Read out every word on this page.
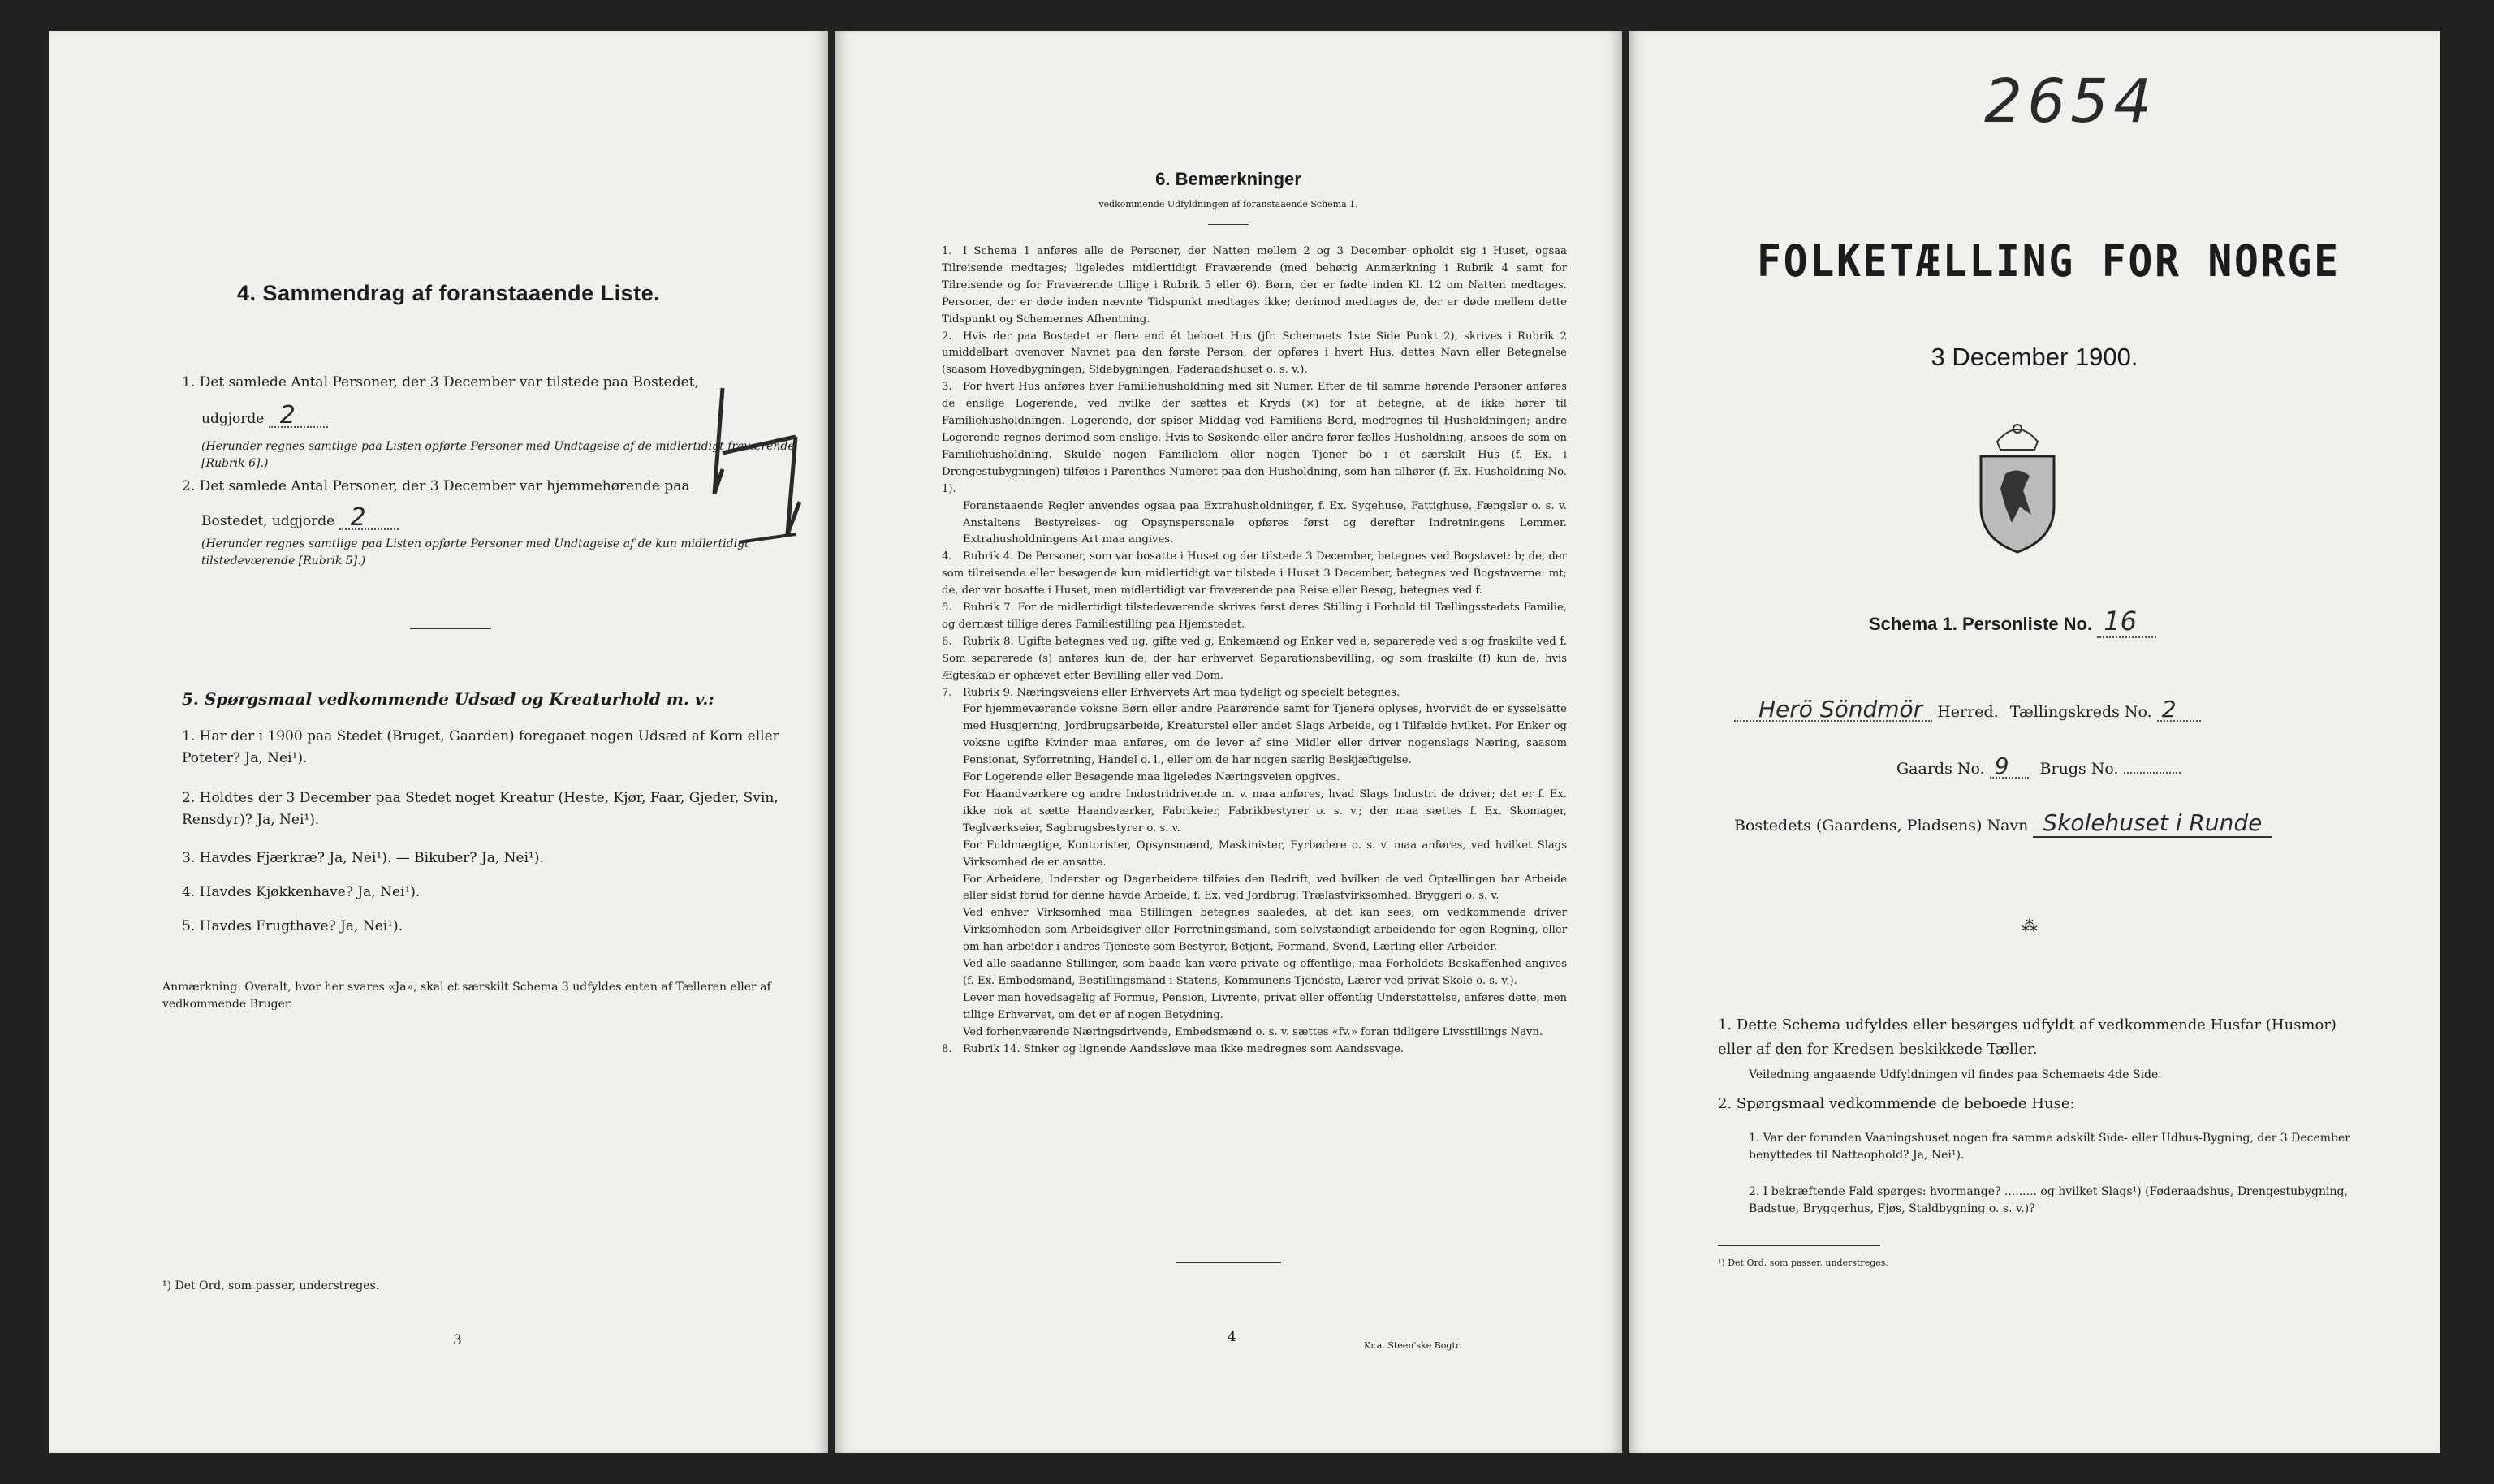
4. Sammendrag af foranstaaende Liste.
1. Det samlede Antal Personer, der 3 December var tilstede paa Bostedet,
udgjorde 2
(Herunder regnes samtlige paa Listen opførte Personer med Undtagelse af de midlertidigt fraværende [Rubrik 6].)
2. Det samlede Antal Personer, der 3 December var hjemmehørende paa
Bostedet, udgjorde 2
(Herunder regnes samtlige paa Listen opførte Personer med Undtagelse af de kun midlertidigt tilstedeværende [Rubrik 5].)
5. Spørgsmaal vedkommende Udsæd og Kreaturhold m. v.:
1. Har der i 1900 paa Stedet (Bruget, Gaarden) foregaaet nogen Udsæd af Korn eller Poteter? Ja, Nei¹).
2. Holdtes der 3 December paa Stedet noget Kreatur (Heste, Kjør, Faar, Gjeder, Svin, Rensdyr)? Ja, Nei¹).
3. Havdes Fjærkræ? Ja, Nei¹). — Bikuber? Ja, Nei¹).
4. Havdes Kjøkkenhave? Ja, Nei¹).
5. Havdes Frugthave? Ja, Nei¹).
Anmærkning: Overalt, hvor her svares «Ja», skal et særskilt Schema 3 udfyldes enten af Tælleren eller af vedkommende Bruger.
¹) Det Ord, som passer, understreges.
3
6. Bemærkninger
vedkommende Udfyldningen af foranstaaende Schema 1.

1. I Schema 1 anføres alle de Personer, der Natten mellem 2 og 3 December opholdt sig i Huset, ogsaa Tilreisende medtages; ligeledes midlertidigt Fraværende (med behørig Anmærkning i Rubrik 4 samt for Tilreisende og for Fraværende tillige i Rubrik 5 eller 6). Børn, der er fødte inden Kl. 12 om Natten medtages. Personer, der er døde inden nævnte Tidspunkt medtages ikke; derimod medtages de, der er døde mellem dette Tidspunkt og Schemernes Afhentning.

2. Hvis der paa Bostedet er flere end ét beboet Hus (jfr. Schemaets 1ste Side Punkt 2), skrives i Rubrik 2 umiddelbart ovenover Navnet paa den første Person, der opføres i hvert Hus, dettes Navn eller Betegnelse (saasom Hovedbygningen, Sidebygningen, Føderaadshuset o. s. v.).

3. For hvert Hus anføres hver Familiehusholdning med sit Numer. Efter de til samme hørende Personer anføres de enslige Logerende, ved hvilke der sættes et Kryds (×) for at betegne, at de ikke hører til Familiehusholdningen. Logerende, der spiser Middag ved Familiens Bord, medregnes til Husholdningen; andre Logerende regnes derimod som enslige. Hvis to Søskende eller andre fører fælles Husholdning, ansees de som en Familiehusholdning. Skulde nogen Familielem eller nogen Tjener bo i et særskilt Hus (f. Ex. i Drengestubygningen) tilføies i Parenthes Numeret paa den Husholdning, som han tilhører (f. Ex. Husholdning No. 1).

Foranstaaende Regler anvendes ogsaa paa Extrahusholdninger, f. Ex. Sygehuse, Fattighuse, Fængsler o. s. v. Anstaltens Bestyrelses- og Opsynspersonale opføres først og derefter Indretningens Lemmer. Extrahusholdningens Art maa angives.

4. Rubrik 4. De Personer, som var bosatte i Huset og der tilstede 3 December, betegnes ved Bogstavet: b; de, der som tilreisende eller besøgende kun midlertidigt var tilstede i Huset 3 December, betegnes ved Bogstaverne: mt; de, der var bosatte i Huset, men midlertidigt var fraværende paa Reise eller Besøg, betegnes ved f.

5. Rubrik 7. For de midlertidigt tilstedeværende skrives først deres Stilling i Forhold til Tællingsstedets Familie, og dernæst tillige deres Familiestilling paa Hjemstedet.

6. Rubrik 8. Ugifte betegnes ved ug, gifte ved g, Enkemænd og Enker ved e, separerede ved s og fraskilte ved f. Som separerede (s) anføres kun de, der har erhvervet Separationsbevilling, og som fraskilte (f) kun de, hvis Ægteskab er ophævet efter Bevilling eller ved Dom.

7. Rubrik 9. Næringsveiens eller Erhvervets Art maa tydeligt og specielt betegnes.

For hjemmeværende voksne Børn eller andre Paarørende samt for Tjenere oplyses, hvorvidt de er sysselsatte med Husgjerning, Jordbrugsarbeide, Kreaturstel eller andet Slags Arbeide, og i Tilfælde hvilket. For Enker og voksne ugifte Kvinder maa anføres, om de lever af sine Midler eller driver nogenslags Næring, saasom Pensionat, Syforretning, Handel o. l., eller om de har nogen særlig Beskjæftigelse.

For Logerende eller Besøgende maa ligeledes Næringsveien opgives.

For Haandværkere og andre Industridrivende m. v. maa anføres, hvad Slags Industri de driver; det er f. Ex. ikke nok at sætte Haandværker, Fabrikeier, Fabrikbestyrer o. s. v.; der maa sættes f. Ex. Skomager, Teglværkseier, Sagbrugsbestyrer o. s. v.

For Fuldmægtige, Kontorister, Opsynsmænd, Maskinister, Fyrbødere o. s. v. maa anføres, ved hvilket Slags Virksomhed de er ansatte.

For Arbeidere, Inderster og Dagarbeidere tilføies den Bedrift, ved hvilken de ved Optællingen har Arbeide eller sidst forud for denne havde Arbeide, f. Ex. ved Jordbrug, Trælastvirksomhed, Bryggeri o. s. v.

Ved enhver Virksomhed maa Stillingen betegnes saaledes, at det kan sees, om vedkommende driver Virksomheden som Arbeidsgiver eller Forretningsmand, som selvstændigt arbeidende for egen Regning, eller om han arbeider i andres Tjeneste som Bestyrer, Betjent, Formand, Svend, Lærling eller Arbeider.

Ved alle saadanne Stillinger, som baade kan være private og offentlige, maa Forholdets Beskaffenhed angives (f. Ex. Embedsmand, Bestillingsmand i Statens, Kommunens Tjeneste, Lærer ved privat Skole o. s. v.).

Lever man hovedsagelig af Formue, Pension, Livrente, privat eller offentlig Understøttelse, anføres dette, men tillige Erhvervet, om det er af nogen Betydning.

Ved forhenværende Næringsdrivende, Embedsmænd o. s. v. sættes «fv.» foran tidligere Livsstillings Navn.

8. Rubrik 14. Sinker og lignende Aandssløve maa ikke medregnes som Aandssvage.

4
Kr.a. Steen'ske Bogtr.
2654
FOLKETÆLLING FOR NORGE
3 December 1900.
Schema 1. Personliste No. 16
Herö Söndmör Herred. Tællingskreds No. 2
Gaards No. 9 Brugs No.
Bostedets (Gaardens, Pladsens) Navn Skolehuset i Runde
⁂
1. Dette Schema udfyldes eller besørges udfyldt af vedkommende Husfar (Husmor) eller af den for Kredsen beskikkede Tæller.
Veiledning angaaende Udfyldningen vil findes paa Schemaets 4de Side.
2. Spørgsmaal vedkommende de beboede Huse:
1. Var der forunden Vaaningshuset nogen fra samme adskilt Side- eller Udhus-Bygning, der 3 December benyttedes til Natteophold? Ja, Nei¹).
2. I bekræftende Fald spørges: hvormange? ......... og hvilket Slags¹) (Føderaadshus, Drengestubygning, Badstue, Bryggerhus, Fjøs, Staldbygning o. s. v.)?
¹) Det Ord, som passer, understreges.
